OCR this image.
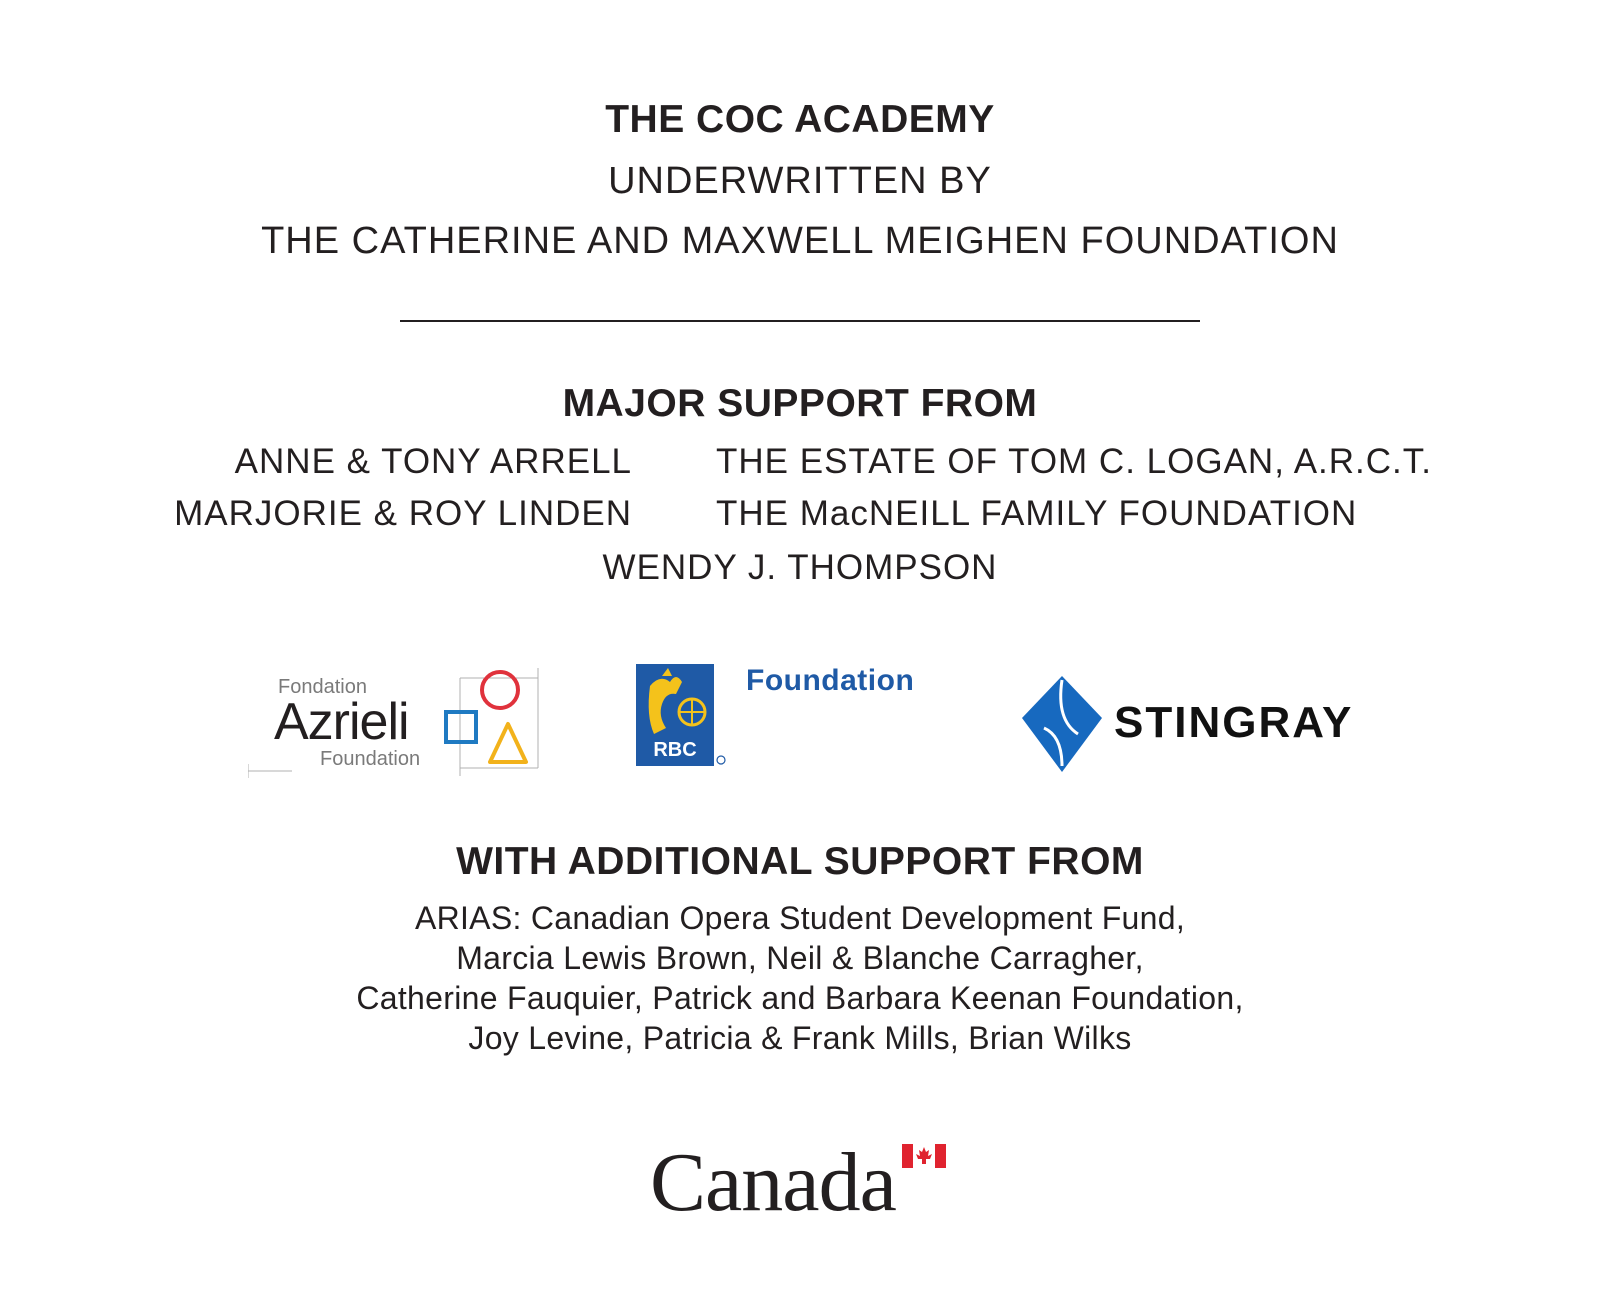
THE COC ACADEMY
UNDERWRITTEN BY
THE CATHERINE AND MAXWELL MEIGHEN FOUNDATION
MAJOR SUPPORT FROM
ANNE & TONY ARRELL THE ESTATE OF TOM C. LOGAN, A.R.C.T.
MARJORIE & ROY LINDEN THE MacNEILL FAMILY FOUNDATION
WENDY J. THOMPSON
Fondation
Azrieli
Foundation	RBC
Foundation
STINGRAY
WITH ADDITIONAL SUPPORT FROM
ARIAS: Canadian Opera Student Development Fund,
Marcia Lewis Brown, Neil & Blanche Carragher,
Catherine Fauquier, Patrick and Barbara Keenan Foundation,
Joy Levine, Patricia & Frank Mills, Brian Wilks
Canada
